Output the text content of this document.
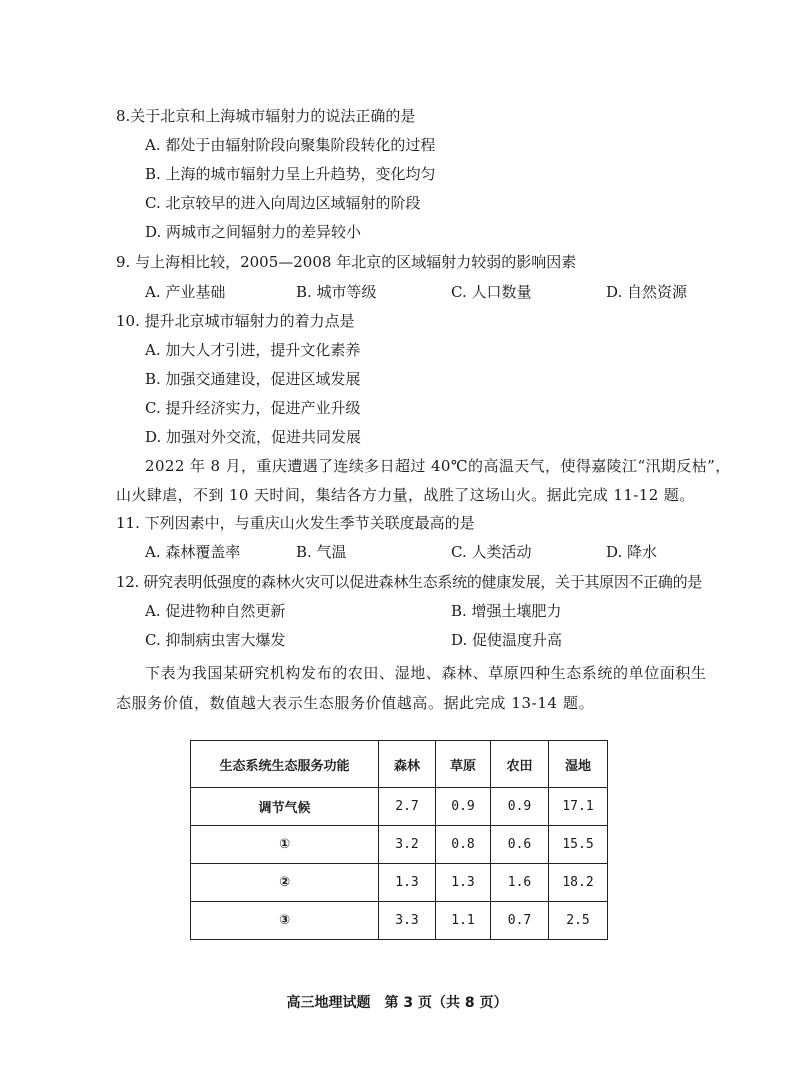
8.关于北京和上海城市辐射力的说法正确的是
A. 都处于由辐射阶段向聚集阶段转化的过程
B. 上海的城市辐射力呈上升趋势，变化均匀
C. 北京较早的进入向周边区域辐射的阶段
D. 两城市之间辐射力的差异较小
9. 与上海相比较，2005—2008 年北京的区域辐射力较弱的影响因素
A. 产业基础	B. 城市等级	C. 人口数量	D. 自然资源
10. 提升北京城市辐射力的着力点是
A. 加大人才引进，提升文化素养
B. 加强交通建设，促进区域发展
C. 提升经济实力，促进产业升级
D. 加强对外交流，促进共同发展
2022 年 8 月，重庆遭遇了连续多日超过 40℃的高温天气，使得嘉陵江“汛期反枯”，
山火肆虐，不到 10 天时间，集结各方力量，战胜了这场山火。据此完成 11-12 题。
11. 下列因素中，与重庆山火发生季节关联度最高的是
A. 森林覆盖率	B. 气温	C. 人类活动	D. 降水
12. 研究表明低强度的森林火灾可以促进森林生态系统的健康发展，关于其原因不正确的是
A. 促进物种自然更新	B. 增强土壤肥力
C. 抑制病虫害大爆发	D. 促使温度升高
下表为我国某研究机构发布的农田、湿地、森林、草原四种生态系统的单位面积生
态服务价值，数值越大表示生态服务价值越高。据此完成 13-14 题。
生态系统生态服务功能	森林	草原	农田	湿地
调节气候	2.7	0.9	0.9	17.1
①	3.2	0.8	0.6	15.5
②	1.3	1.3	1.6	18.2
③	3.3	1.1	0.7	2.5
高三地理试题　第 3 页（共 8 页）
